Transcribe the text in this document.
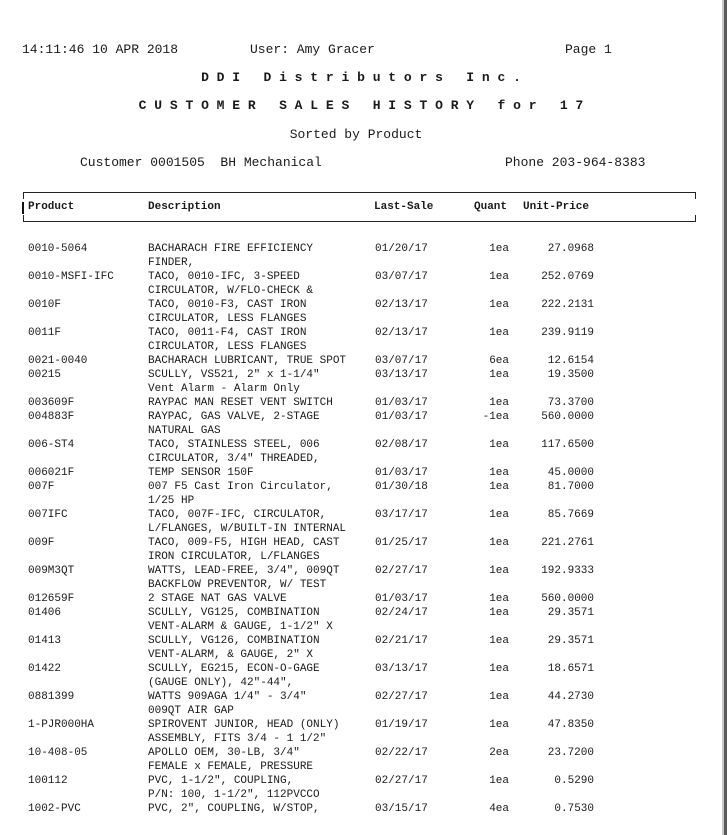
14:11:46 10 APR 2018	User: Amy Gracer	Page 1
D D I   D i s t r i b u t o r s   I n c .
C U S T O M E R   S A L E S   H I S T O R Y   f o r   1 7
Sorted by Product
Customer 0001505  BH Mechanical	Phone 203-964-8383
Product	Description	Last-Sale	Quant Unit-Price
0010-5064	BACHARACH FIRE EFFICIENCY	01/20/17	1ea	27.0968
FINDER,
0010-MSFI-IFC	TACO, 0010-IFC, 3-SPEED	03/07/17	1ea	252.0769
CIRCULATOR, W/FLO-CHECK &
0010F	TACO, 0010-F3, CAST IRON	02/13/17	1ea	222.2131
CIRCULATOR, LESS FLANGES
0011F	TACO, 0011-F4, CAST IRON	02/13/17	1ea	239.9119
CIRCULATOR, LESS FLANGES
0021-0040	BACHARACH LUBRICANT, TRUE SPOT	03/07/17	6ea	12.6154
00215	SCULLY, VS521, 2" x 1-1/4"	03/13/17	1ea	19.3500
Vent Alarm - Alarm Only
003609F	RAYPAC MAN RESET VENT SWITCH	01/03/17	1ea	73.3700
004883F	RAYPAC, GAS VALVE, 2-STAGE	01/03/17	-1ea	560.0000
NATURAL GAS
006-ST4	TACO, STAINLESS STEEL, 006	02/08/17	1ea	117.6500
CIRCULATOR, 3/4" THREADED,
006021F	TEMP SENSOR 150F	01/03/17	1ea	45.0000
007F	007 F5 Cast Iron Circulator,	01/30/18	1ea	81.7000
1/25 HP
007IFC	TACO, 007F-IFC, CIRCULATOR,	03/17/17	1ea	85.7669
L/FLANGES, W/BUILT-IN INTERNAL
009F	TACO, 009-F5, HIGH HEAD, CAST	01/25/17	1ea	221.2761
IRON CIRCULATOR, L/FLANGES
009M3QT	WATTS, LEAD-FREE, 3/4", 009QT	02/27/17	1ea	192.9333
BACKFLOW PREVENTOR, W/ TEST
012659F	2 STAGE NAT GAS VALVE	01/03/17	1ea	560.0000
01406	SCULLY, VG125, COMBINATION	02/24/17	1ea	29.3571
VENT-ALARM & GAUGE, 1-1/2" X
01413	SCULLY, VG126, COMBINATION	02/21/17	1ea	29.3571
VENT-ALARM, & GAUGE, 2" X
01422	SCULLY, EG215, ECON-O-GAGE	03/13/17	1ea	18.6571
(GAUGE ONLY), 42"-44",
0881399	WATTS 909AGA 1/4" - 3/4"	02/27/17	1ea	44.2730
009QT AIR GAP
1-PJR000HA	SPIROVENT JUNIOR, HEAD (ONLY)	01/19/17	1ea	47.8350
ASSEMBLY, FITS 3/4 - 1 1/2"
10-408-05	APOLLO OEM, 30-LB, 3/4"	02/22/17	2ea	23.7200
FEMALE x FEMALE, PRESSURE
100112	PVC, 1-1/2", COUPLING,	02/27/17	1ea	0.5290
P/N: 100, 1-1/2", 112PVCCO
1002-PVC	PVC, 2", COUPLING, W/STOP,	03/15/17	4ea	0.7530
